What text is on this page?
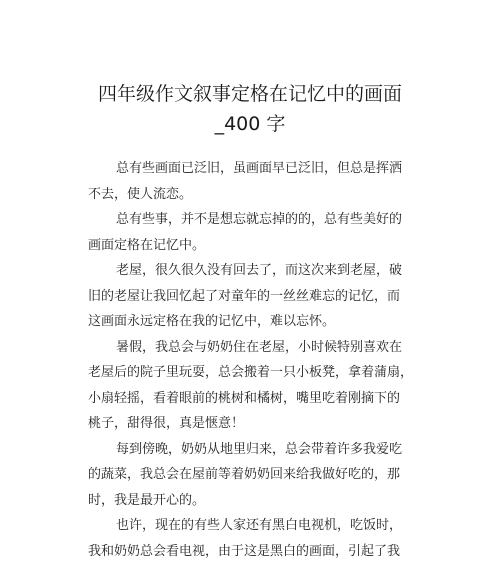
四年级作文叙事定格在记忆中的画面
_400 字
总有些画面已泛旧，虽画面早已泛旧，但总是挥洒
不去，使人流恋。
总有些事，并不是想忘就忘掉的的，总有些美好的
画面定格在记忆中。
老屋，很久很久没有回去了，而这次来到老屋，破
旧的老屋让我回忆起了对童年的一丝丝难忘的记忆，而
这画面永远定格在我的记忆中，难以忘怀。
暑假，我总会与奶奶住在老屋，小时候特别喜欢在
老屋后的院子里玩耍，总会搬着一只小板凳，拿着蒲扇，
小扇轻摇，看着眼前的桃树和橘树，嘴里吃着刚摘下的
桃子，甜得很，真是惬意！
每到傍晚，奶奶从地里归来，总会带着许多我爱吃
的蔬菜，我总会在屋前等着奶奶回来给我做好吃的，那
时，我是最开心的。
也许，现在的有些人家还有黑白电视机，吃饭时，
我和奶奶总会看电视，由于这是黑白的画面，引起了我
